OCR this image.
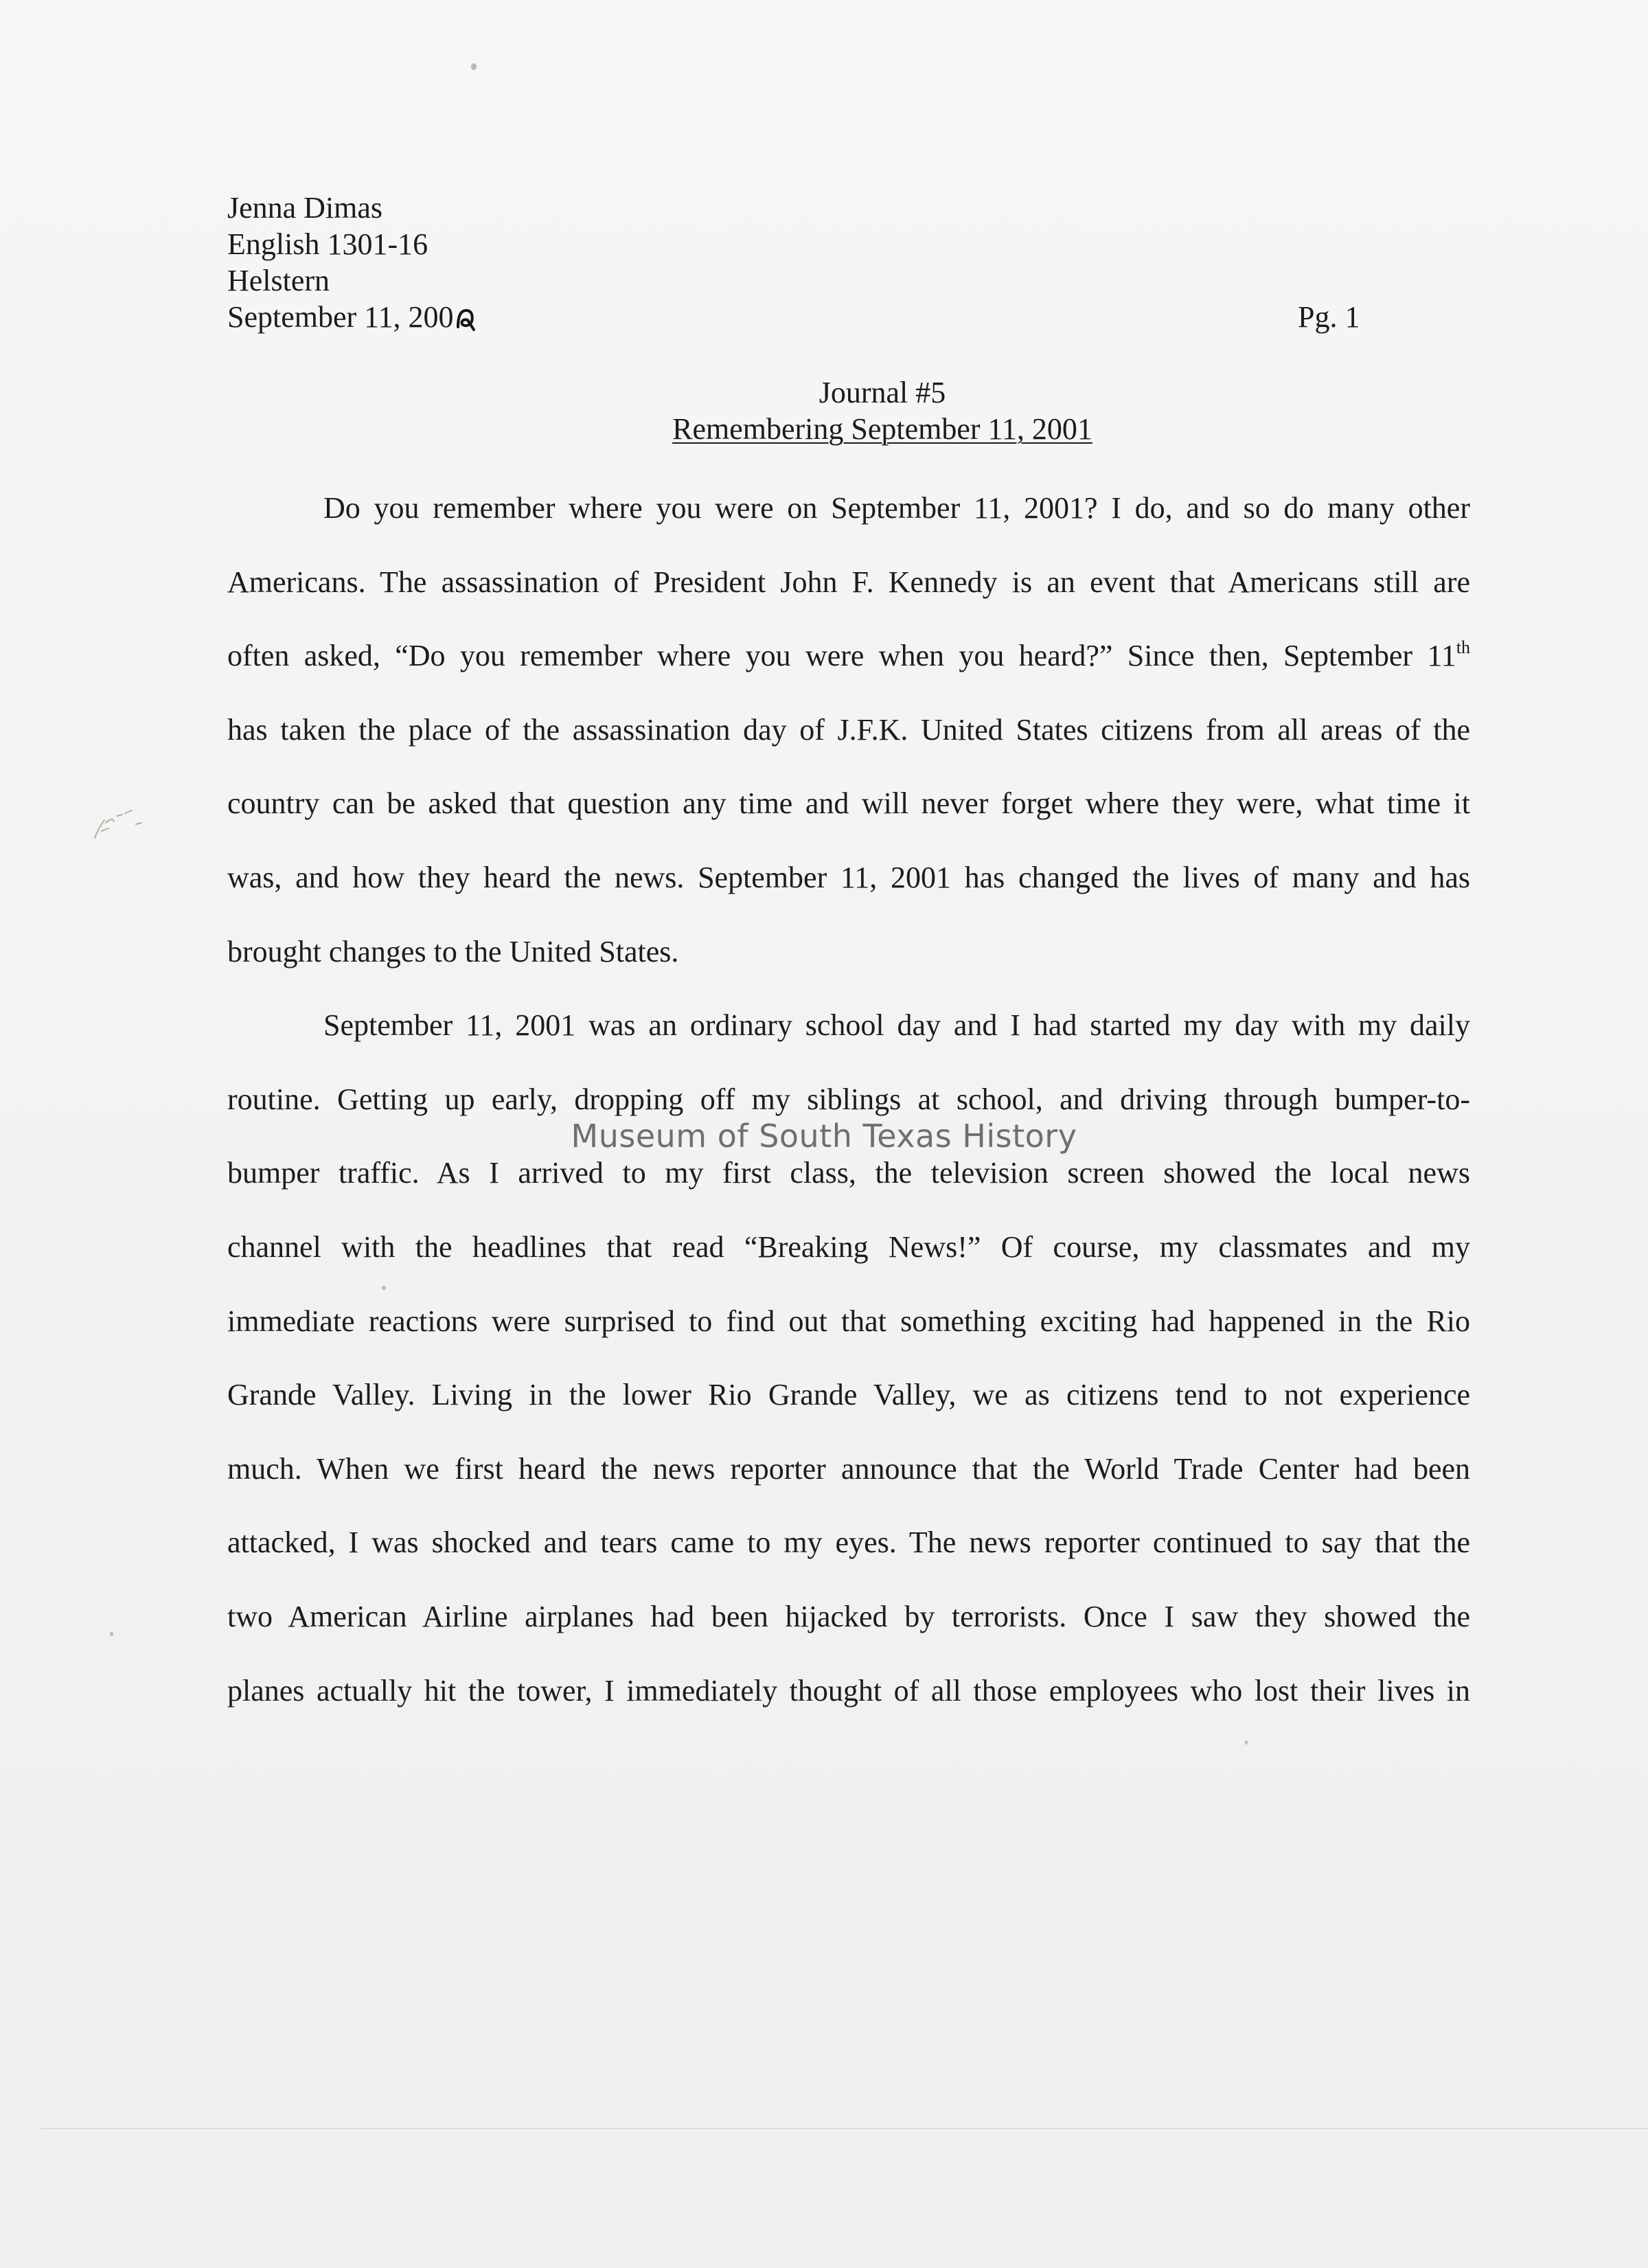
Jenna Dimas
English 1301-16
Helstern
September 11, 200	Pg. 1
Journal #5
Remembering September 11, 2001
Do you remember where you were on September 11, 2001? I do, and so do many other
Americans. The assassination of President John F. Kennedy is an event that Americans still are
often asked, “Do you remember where you were when you heard?” Since then, September 11th
has taken the place of the assassination day of J.F.K. United States citizens from all areas of the
country can be asked that question any time and will never forget where they were, what time it
was, and how they heard the news. September 11, 2001 has changed the lives of many and has
brought changes to the United States.
September 11, 2001 was an ordinary school day and I had started my day with my daily
routine. Getting up early, dropping off my siblings at school, and driving through bumper-to-
bumper traffic. As I arrived to my first class, the television screen showed the local news
channel with the headlines that read “Breaking News!” Of course, my classmates and my
immediate reactions were surprised to find out that something exciting had happened in the Rio
Grande Valley. Living in the lower Rio Grande Valley, we as citizens tend to not experience
much. When we first heard the news reporter announce that the World Trade Center had been
attacked, I was shocked and tears came to my eyes. The news reporter continued to say that the
two American Airline airplanes had been hijacked by terrorists. Once I saw they showed the
planes actually hit the tower, I immediately thought of all those employees who lost their lives in
Museum of South Texas History
